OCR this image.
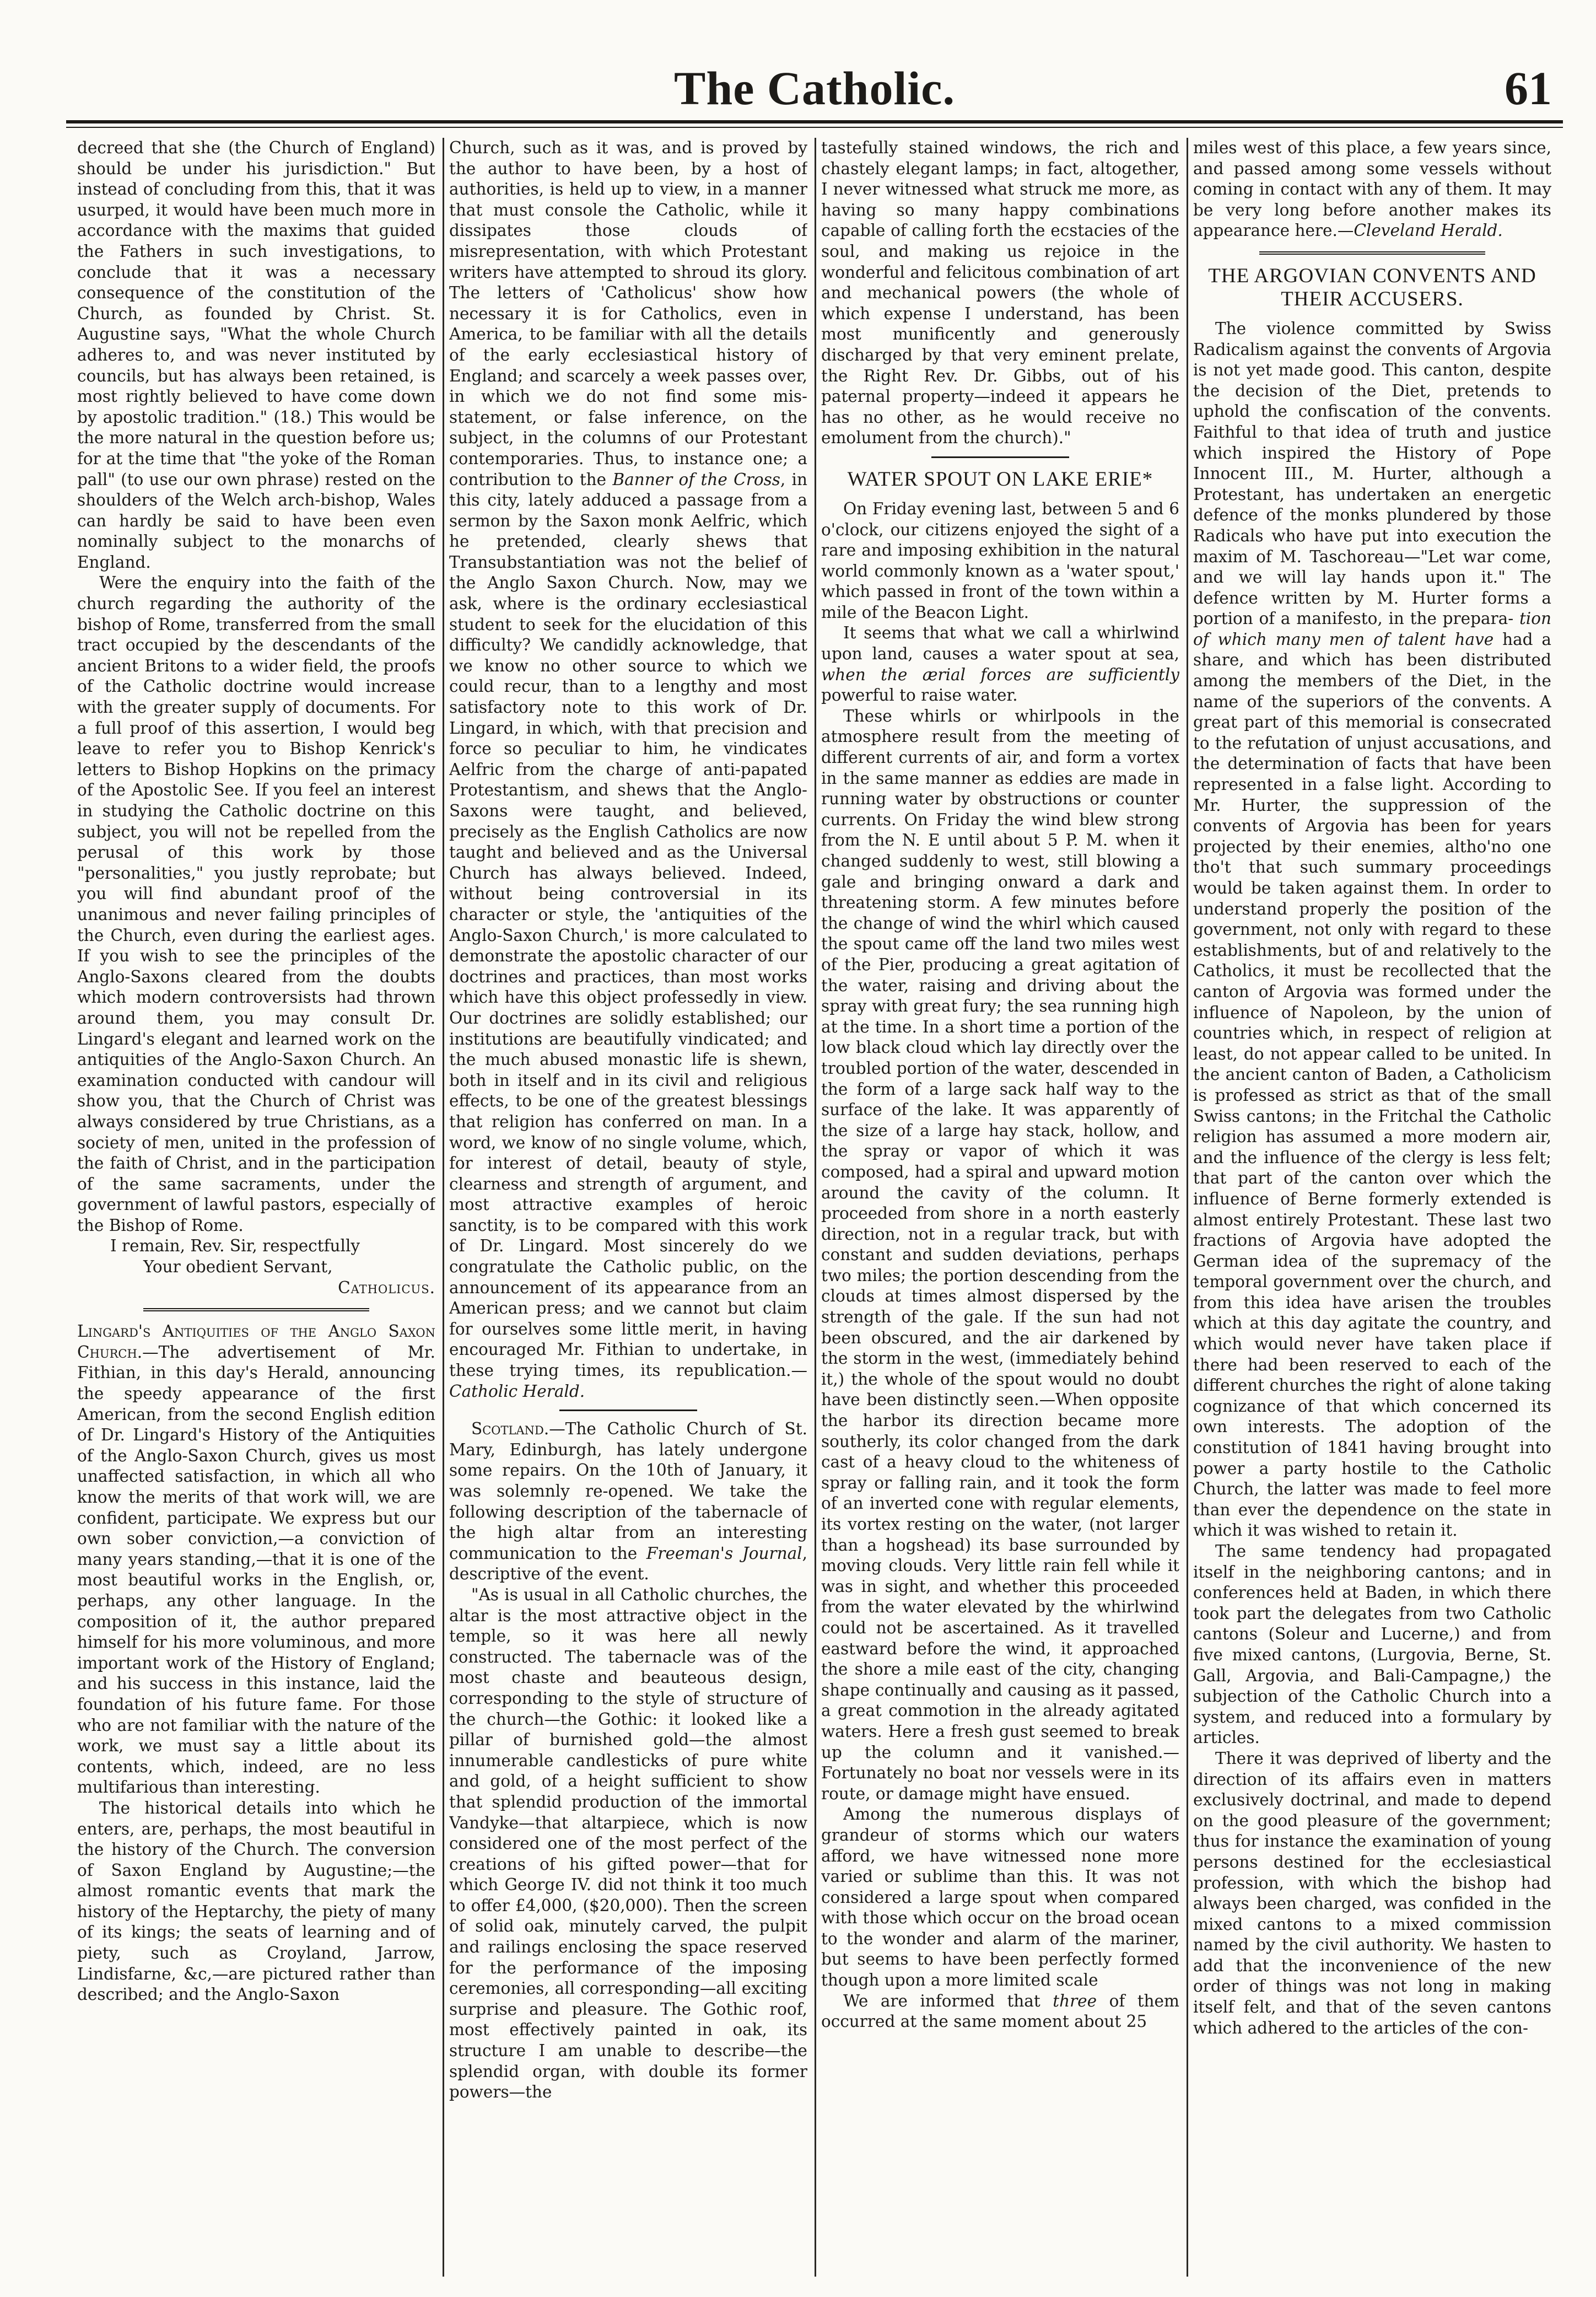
The Catholic.	61

decreed that she (the Church of England) should be under his jurisdiction." But instead of concluding from this, that it was usurped, it would have been much more in accordance with the maxims that guided the Fathers in such investigations, to conclude that it was a necessary consequence of the constitution of the Church, as founded by Christ. St. Augustine says, "What the whole Church adheres to, and was never instituted by councils, but has always been retained, is most rightly believed to have come down by apostolic tradition." (18.) This would be the more natural in the question before us; for at the time that "the yoke of the Roman pall" (to use our own phrase) rested on the shoulders of the Welch arch-bishop, Wales can hardly be said to have been even nominally subject to the monarchs of England.

Were the enquiry into the faith of the church regarding the authority of the bishop of Rome, transferred from the small tract occupied by the descendants of the ancient Britons to a wider field, the proofs of the Catholic doctrine would increase with the greater supply of documents. For a full proof of this assertion, I would beg leave to refer you to Bishop Kenrick's letters to Bishop Hopkins on the primacy of the Apostolic See. If you feel an interest in studying the Catholic doctrine on this subject, you will not be repelled from the perusal of this work by those "personalities," you justly reprobate; but you will find abundant proof of the unanimous and never failing principles of the Church, even during the earliest ages. If you wish to see the principles of the Anglo-Saxons cleared from the doubts which modern controversists had thrown around them, you may consult Dr. Lingard's elegant and learned work on the antiquities of the Anglo-Saxon Church. An examination conducted with candour will show you, that the Church of Christ was always considered by true Christians, as a society of men, united in the profession of the faith of Christ, and in the participation of the same sacraments, under the government of lawful pastors, especially of the Bishop of Rome.

I remain, Rev. Sir, respectfully

Your obedient Servant,

Catholicus.

Lingard's Antiquities of the Anglo Saxon Church.—The advertisement of Mr. Fithian, in this day's Herald, announcing the speedy appearance of the first American, from the second English edition of Dr. Lingard's History of the Antiquities of the Anglo-Saxon Church, gives us most unaffected satisfaction, in which all who know the merits of that work will, we are confident, participate. We express but our own sober conviction,—a conviction of many years standing,—that it is one of the most beautiful works in the English, or, perhaps, any other language. In the composition of it, the author prepared himself for his more voluminous, and more important work of the History of England; and his success in this instance, laid the foundation of his future fame. For those who are not familiar with the nature of the work, we must say a little about its contents, which, indeed, are no less multifarious than interesting.

The historical details into which he enters, are, perhaps, the most beautiful in the history of the Church. The conversion of Saxon England by Augustine;—the almost romantic events that mark the history of the Heptarchy, the piety of many of its kings; the seats of learning and of piety, such as Croyland, Jarrow, Lindisfarne, &c,—are pictured rather than described; and the Anglo-Saxon

Church, such as it was, and is proved by the author to have been, by a host of authorities, is held up to view, in a manner that must console the Catholic, while it dissipates those clouds of misrepresentation, with which Protestant writers have attempted to shroud its glory. The letters of 'Catholicus' show how necessary it is for Catholics, even in America, to be familiar with all the details of the early ecclesiastical history of England; and scarcely a week passes over, in which we do not find some mis-statement, or false inference, on the subject, in the columns of our Protestant contemporaries. Thus, to instance one; a contribution to the Banner of the Cross, in this city, lately adduced a passage from a sermon by the Saxon monk Aelfric, which he pretended, clearly shews that Transubstantiation was not the belief of the Anglo Saxon Church. Now, may we ask, where is the ordinary ecclesiastical student to seek for the elucidation of this difficulty? We candidly acknowledge, that we know no other source to which we could recur, than to a lengthy and most satisfactory note to this work of Dr. Lingard, in which, with that precision and force so peculiar to him, he vindicates Aelfric from the charge of anti-papated Protestantism, and shews that the Anglo-Saxons were taught, and believed, precisely as the English Catholics are now taught and believed and as the Universal Church has always believed. Indeed, without being controversial in its character or style, the 'antiquities of the Anglo-Saxon Church,' is more calculated to demonstrate the apostolic character of our doctrines and practices, than most works which have this object professedly in view. Our doctrines are solidly established; our institutions are beautifully vindicated; and the much abused monastic life is shewn, both in itself and in its civil and religious effects, to be one of the greatest blessings that religion has conferred on man. In a word, we know of no single volume, which, for interest of detail, beauty of style, clearness and strength of argument, and most attractive examples of heroic sanctity, is to be compared with this work of Dr. Lingard. Most sincerely do we congratulate the Catholic public, on the announcement of its appearance from an American press; and we cannot but claim for ourselves some little merit, in having encouraged Mr. Fithian to undertake, in these trying times, its republication.—Catholic Herald.

Scotland.—The Catholic Church of St. Mary, Edinburgh, has lately undergone some repairs. On the 10th of January, it was solemnly re-opened. We take the following description of the tabernacle of the high altar from an interesting communication to the Freeman's Journal, descriptive of the event.

"As is usual in all Catholic churches, the altar is the most attractive object in the temple, so it was here all newly constructed. The tabernacle was of the most chaste and beauteous design, corresponding to the style of structure of the church—the Gothic: it looked like a pillar of burnished gold—the almost innumerable candlesticks of pure white and gold, of a height sufficient to show that splendid production of the immortal Vandyke—that altarpiece, which is now considered one of the most perfect of the creations of his gifted power—that for which George IV. did not think it too much to offer £4,000, ($20,000). Then the screen of solid oak, minutely carved, the pulpit and railings enclosing the space reserved for the performance of the imposing ceremonies, all corresponding—all exciting surprise and pleasure. The Gothic roof, most effectively painted in oak, its structure I am unable to describe—the splendid organ, with double its former powers—the

tastefully stained windows, the rich and chastely elegant lamps; in fact, altogether, I never witnessed what struck me more, as having so many happy combinations capable of calling forth the ecstacies of the soul, and making us rejoice in the wonderful and felicitous combination of art and mechanical powers (the whole of which expense I understand, has been most munificently and generously discharged by that very eminent prelate, the Right Rev. Dr. Gibbs, out of his paternal property—indeed it appears he has no other, as he would receive no emolument from the church)."

WATER SPOUT ON LAKE ERIE*

On Friday evening last, between 5 and 6 o'clock, our citizens enjoyed the sight of a rare and imposing exhibition in the natural world commonly known as a 'water spout,' which passed in front of the town within a mile of the Beacon Light.

It seems that what we call a whirlwind upon land, causes a water spout at sea, when the ærial forces are sufficiently powerful to raise water.

These whirls or whirlpools in the atmosphere result from the meeting of different currents of air, and form a vortex in the same manner as eddies are made in running water by obstructions or counter currents. On Friday the wind blew strong from the N. E until about 5 P. M. when it changed suddenly to west, still blowing a gale and bringing onward a dark and threatening storm. A few minutes before the change of wind the whirl which caused the spout came off the land two miles west of the Pier, producing a great agitation of the water, raising and driving about the spray with great fury; the sea running high at the time. In a short time a portion of the low black cloud which lay directly over the troubled portion of the water, descended in the form of a large sack half way to the surface of the lake. It was apparently of the size of a large hay stack, hollow, and the spray or vapor of which it was composed, had a spiral and upward motion around the cavity of the column. It proceeded from shore in a north easterly direction, not in a regular track, but with constant and sudden deviations, perhaps two miles; the portion descending from the clouds at times almost dispersed by the strength of the gale. If the sun had not been obscured, and the air darkened by the storm in the west, (immediately behind it,) the whole of the spout would no doubt have been distinctly seen.—When opposite the harbor its direction became more southerly, its color changed from the dark cast of a heavy cloud to the whiteness of spray or falling rain, and it took the form of an inverted cone with regular elements, its vortex resting on the water, (not larger than a hogshead) its base surrounded by moving clouds. Very little rain fell while it was in sight, and whether this proceeded from the water elevated by the whirlwind could not be ascertained. As it travelled eastward before the wind, it approached the shore a mile east of the city, changing shape continually and causing as it passed, a great commotion in the already agitated waters. Here a fresh gust seemed to break up the column and it vanished.—Fortunately no boat nor vessels were in its route, or damage might have ensued.

Among the numerous displays of grandeur of storms which our waters afford, we have witnessed none more varied or sublime than this. It was not considered a large spout when compared with those which occur on the broad ocean to the wonder and alarm of the mariner, but seems to have been perfectly formed though upon a more limited scale

We are informed that three of them occurred at the same moment about 25

miles west of this place, a few years since, and passed among some vessels without coming in contact with any of them. It may be very long before another makes its appearance here.—Cleveland Herald.

THE ARGOVIAN CONVENTS AND THEIR ACCUSERS.

The violence committed by Swiss Radicalism against the convents of Argovia is not yet made good. This canton, despite the decision of the Diet, pretends to uphold the confiscation of the convents. Faithful to that idea of truth and justice which inspired the History of Pope Innocent III., M. Hurter, although a Protestant, has undertaken an energetic defence of the monks plundered by those Radicals who have put into execution the maxim of M. Taschoreau—"Let war come, and we will lay hands upon it." The defence written by M. Hurter forms a portion of a manifesto, in the prepara- tion of which many men of talent have had a share, and which has been distributed among the members of the Diet, in the name of the superiors of the convents. A great part of this memorial is consecrated to the refutation of unjust accusations, and the determination of facts that have been represented in a false light. According to Mr. Hurter, the suppression of the convents of Argovia has been for years projected by their enemies, altho'no one tho't that such summary proceedings would be taken against them. In order to understand properly the position of the government, not only with regard to these establishments, but of and relatively to the Catholics, it must be recollected that the canton of Argovia was formed under the influence of Napoleon, by the union of countries which, in respect of religion at least, do not appear called to be united. In the ancient canton of Baden, a Catholicism is professed as strict as that of the small Swiss cantons; in the Fritchal the Catholic religion has assumed a more modern air, and the influence of the clergy is less felt; that part of the canton over which the influence of Berne formerly extended is almost entirely Protestant. These last two fractions of Argovia have adopted the German idea of the supremacy of the temporal government over the church, and from this idea have arisen the troubles which at this day agitate the country, and which would never have taken place if there had been reserved to each of the different churches the right of alone taking cognizance of that which concerned its own interests. The adoption of the constitution of 1841 having brought into power a party hostile to the Catholic Church, the latter was made to feel more than ever the dependence on the state in which it was wished to retain it.

The same tendency had propagated itself in the neighboring cantons; and in conferences held at Baden, in which there took part the delegates from two Catholic cantons (Soleur and Lucerne,) and from five mixed cantons, (Lurgovia, Berne, St. Gall, Argovia, and Bali-Campagne,) the subjection of the Catholic Church into a system, and reduced into a formulary by articles.

There it was deprived of liberty and the direction of its affairs even in matters exclusively doctrinal, and made to depend on the good pleasure of the government; thus for instance the examination of young persons destined for the ecclesiastical profession, with which the bishop had always been charged, was confided in the mixed cantons to a mixed commission named by the civil authority. We hasten to add that the inconvenience of the new order of things was not long in making itself felt, and that of the seven cantons which adhered to the articles of the con-
